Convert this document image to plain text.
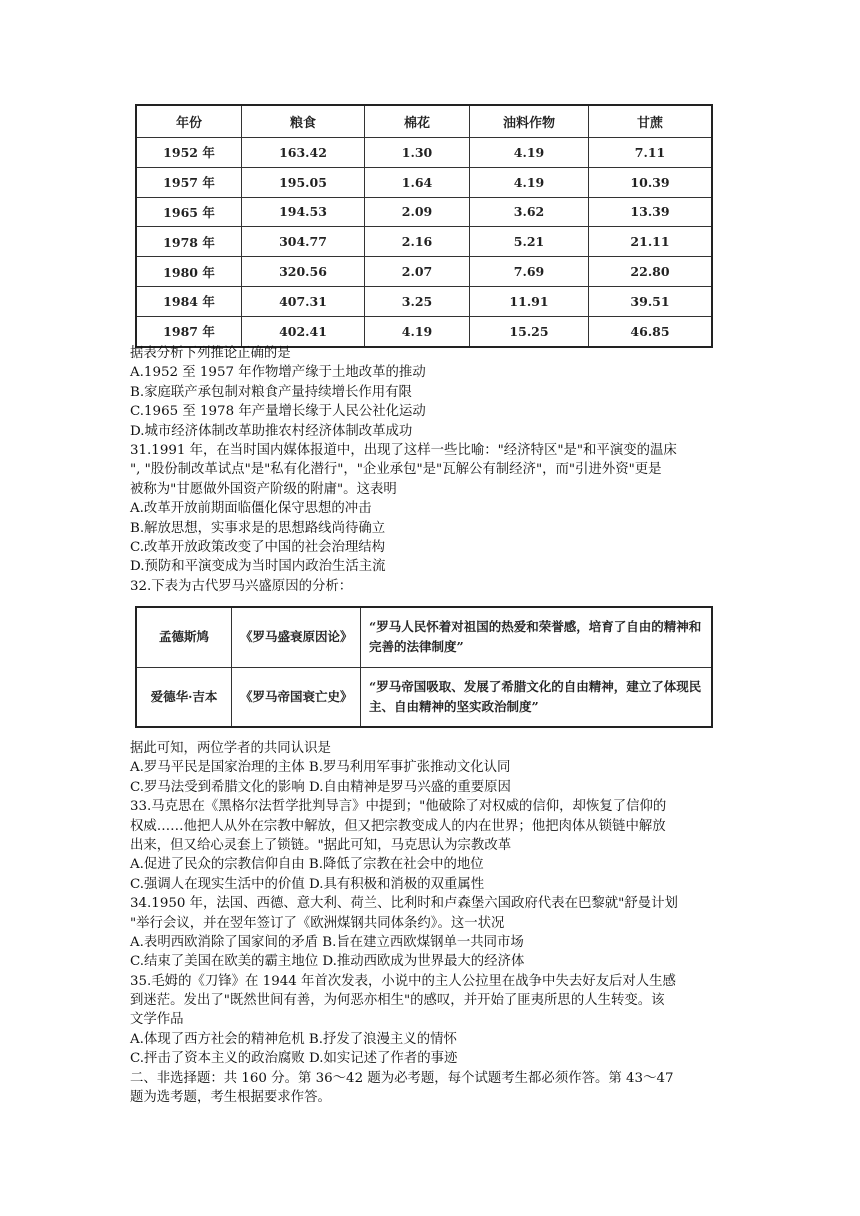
年份	粮食	棉花	油料作物	甘蔗
1952 年	163.42	1.30	4.19	7.11
1957 年	195.05	1.64	4.19	10.39
1965 年	194.53	2.09	3.62	13.39
1978 年	304.77	2.16	5.21	21.11
1980 年	320.56	2.07	7.69	22.80
1984 年	407.31	3.25	11.91	39.51
1987 年	402.41	4.19	15.25	46.85
据表分析下列推论正确的是
A.1952 至 1957 年作物增产缘于土地改革的推动
B.家庭联产承包制对粮食产量持续增长作用有限
C.1965 至 1978 年产量增长缘于人民公社化运动
D.城市经济体制改革助推农村经济体制改革成功
31.1991 年，在当时国内媒体报道中，出现了这样一些比喻："经济特区"是"和平演变的温床
", "股份制改革试点"是"私有化潜行"，"企业承包"是"瓦解公有制经济"，而"引进外资"更是
被称为"甘愿做外国资产阶级的附庸"。这表明
A.改革开放前期面临僵化保守思想的冲击
B.解放思想，实事求是的思想路线尚待确立
C.改革开放政策改变了中国的社会治理结构
D.预防和平演变成为当时国内政治生活主流
32.下表为古代罗马兴盛原因的分析：
孟德斯鸠	《罗马盛衰原因论》	“罗马人民怀着对祖国的热爱和荣誉感，培育了自由的精神和完善的法律制度”
爱德华·吉本	《罗马帝国衰亡史》	“罗马帝国吸取、发展了希腊文化的自由精神，建立了体现民主、自由精神的坚实政治制度”
据此可知，两位学者的共同认识是
A.罗马平民是国家治理的主体 B.罗马利用军事扩张推动文化认同
C.罗马法受到希腊文化的影响 D.自由精神是罗马兴盛的重要原因
33.马克思在《黑格尔法哲学批判导言》中提到；"他破除了对权威的信仰，却恢复了信仰的
权威……他把人从外在宗教中解放，但又把宗教变成人的内在世界；他把肉体从锁链中解放
出来，但又给心灵套上了锁链。"据此可知，马克思认为宗教改革
A.促进了民众的宗教信仰自由 B.降低了宗教在社会中的地位
C.强调人在现实生活中的价值 D.具有积极和消极的双重属性
34.1950 年，法国、西德、意大利、荷兰、比利时和卢森堡六国政府代表在巴黎就"舒曼计划
"举行会议，并在翌年签订了《欧洲煤钢共同体条约》。这一状况
A.表明西欧消除了国家间的矛盾 B.旨在建立西欧煤钢单一共同市场
C.结束了美国在欧美的霸主地位 D.推动西欧成为世界最大的经济体
35.毛姆的《刀锋》在 1944 年首次发表，小说中的主人公拉里在战争中失去好友后对人生感
到迷茫。发出了"既然世间有善，为何恶亦相生"的感叹，并开始了匪夷所思的人生转变。该
文学作品
A.体现了西方社会的精神危机 B.抒发了浪漫主义的情怀
C.抨击了资本主义的政治腐败 D.如实记述了作者的事迹
二、非选择题：共 160 分。第 36～42 题为必考题，每个试题考生都必须作答。第 43～47
题为选考题，考生根据要求作答。
